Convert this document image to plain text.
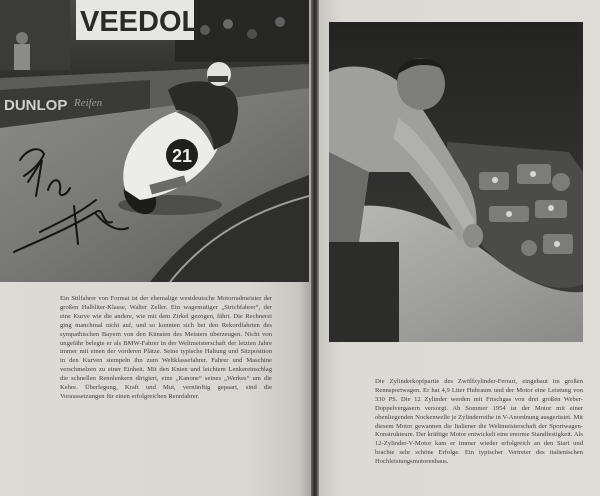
VEEDOL
DUNLOP Reifen
21

Ein Stilfahrer von Format ist der ehemalige westdeutsche Motorradmeister der großen Halbliter-Klasse, Walter Zeller. Ein wagemutiger „Strichfahrer“, der eine Kurve wie die andere, wie mit dem Zirkel gezogen, fährt. Die Rechnerei ging manchmal nicht auf, und so konnten sich bei den Rekordfahrten des sympathischen Bayern von den Künsten des Meisters überzeugen. Nicht von ungefähr belegte er als BMW-Fahrer in der Weltmeisterschaft der letzten Jahre immer mit einen der vorderen Plätze. Seine typische Haltung und Sitzposition in den Kurven stempeln ihn zum Weltklassefahrer. Fahrer und Maschine verschmelzen zu einer Einheit. Mit den Knien und leichtem Lenkereinschlag die schnellen Rennlenkern dirigiert, eine „Kanone“ seines „Werkes“ um die Kehre. Überlegung, Kraft und Mut, vernünftig gepaart, sind die Voraussetzungen für einen erfolgreichen Rennfahrer.

Die Zylinderkopfpartie des Zwölfzylinder-Ferrari, eingebaut im großen Rennsportwagen. Er hat 4,9 Liter Hubraum und der Motor eine Leistung von 330 PS. Die 12 Zylinder werden mit Frischgas von drei großen Weber-Doppelvergasern versorgt. Ab Sommer 1954 ist der Motor mit einer obenliegenden Nockenwelle je Zylinderreihe in V-Anordnung ausgerüstet. Mit diesem Motor gewannen die Italiener die Weltmeisterschaft der Sportwagen-Konstrukteure. Der kräftige Motor entwickelt eine enorme Standfestigkeit. Als 12-Zylinder-V-Motor kam er immer wieder erfolgreich an den Start und brachte sehr schöne Erfolge. Ein typischer Vertreter des italienischen Hochleistungsmotorenbaus.
